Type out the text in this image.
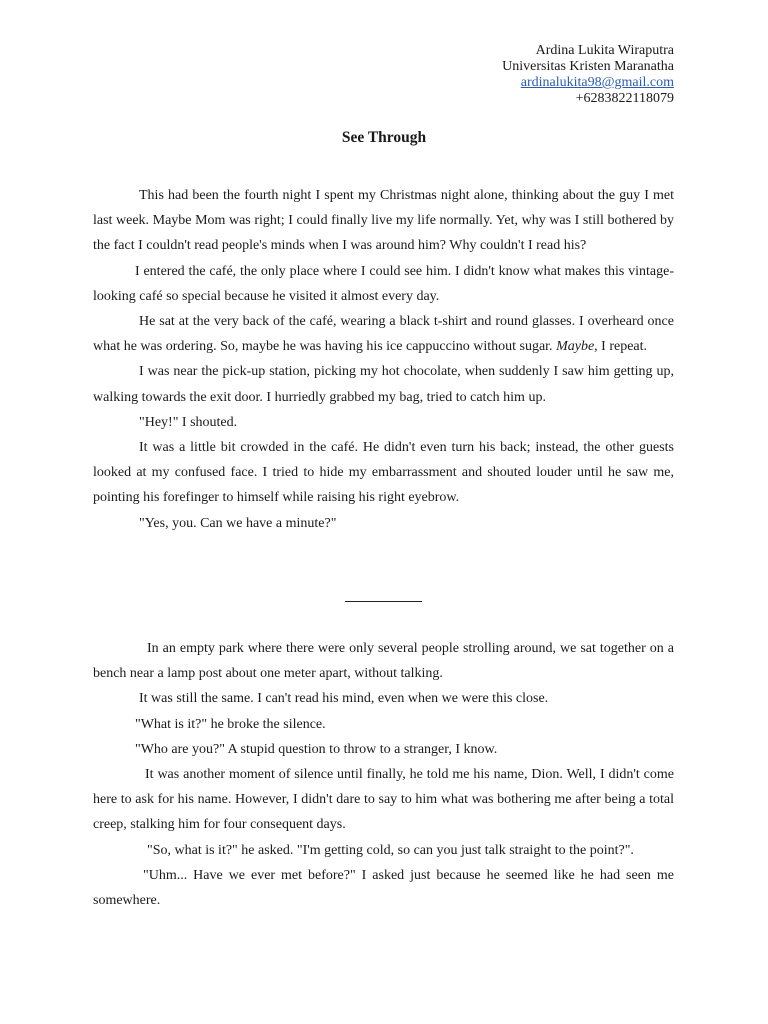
Ardina Lukita Wiraputra
Universitas Kristen Maranatha
ardinalukita98@gmail.com
+6283822118079
See Through

This had been the fourth night I spent my Christmas night alone, thinking about the guy I met last week. Maybe Mom was right; I could finally live my life normally. Yet, why was I still bothered by the fact I couldn't read people's minds when I was around him? Why couldn't I read his?

I entered the café, the only place where I could see him. I didn't know what makes this vintage-looking café so special because he visited it almost every day.

He sat at the very back of the café, wearing a black t-shirt and round glasses. I overheard once what he was ordering. So, maybe he was having his ice cappuccino without sugar. Maybe, I repeat.

I was near the pick-up station, picking my hot chocolate, when suddenly I saw him getting up, walking towards the exit door. I hurriedly grabbed my bag, tried to catch him up.

"Hey!" I shouted.

It was a little bit crowded in the café. He didn't even turn his back; instead, the other guests looked at my confused face. I tried to hide my embarrassment and shouted louder until he saw me, pointing his forefinger to himself while raising his right eyebrow.

"Yes, you. Can we have a minute?"

In an empty park where there were only several people strolling around, we sat together on a bench near a lamp post about one meter apart, without talking.

It was still the same. I can't read his mind, even when we were this close.

"What is it?" he broke the silence.

"Who are you?" A stupid question to throw to a stranger, I know.

It was another moment of silence until finally, he told me his name, Dion. Well, I didn't come here to ask for his name. However, I didn't dare to say to him what was bothering me after being a total creep, stalking him for four consequent days.

"So, what is it?" he asked. "I'm getting cold, so can you just talk straight to the point?".

"Uhm... Have we ever met before?" I asked just because he seemed like he had seen me somewhere.
